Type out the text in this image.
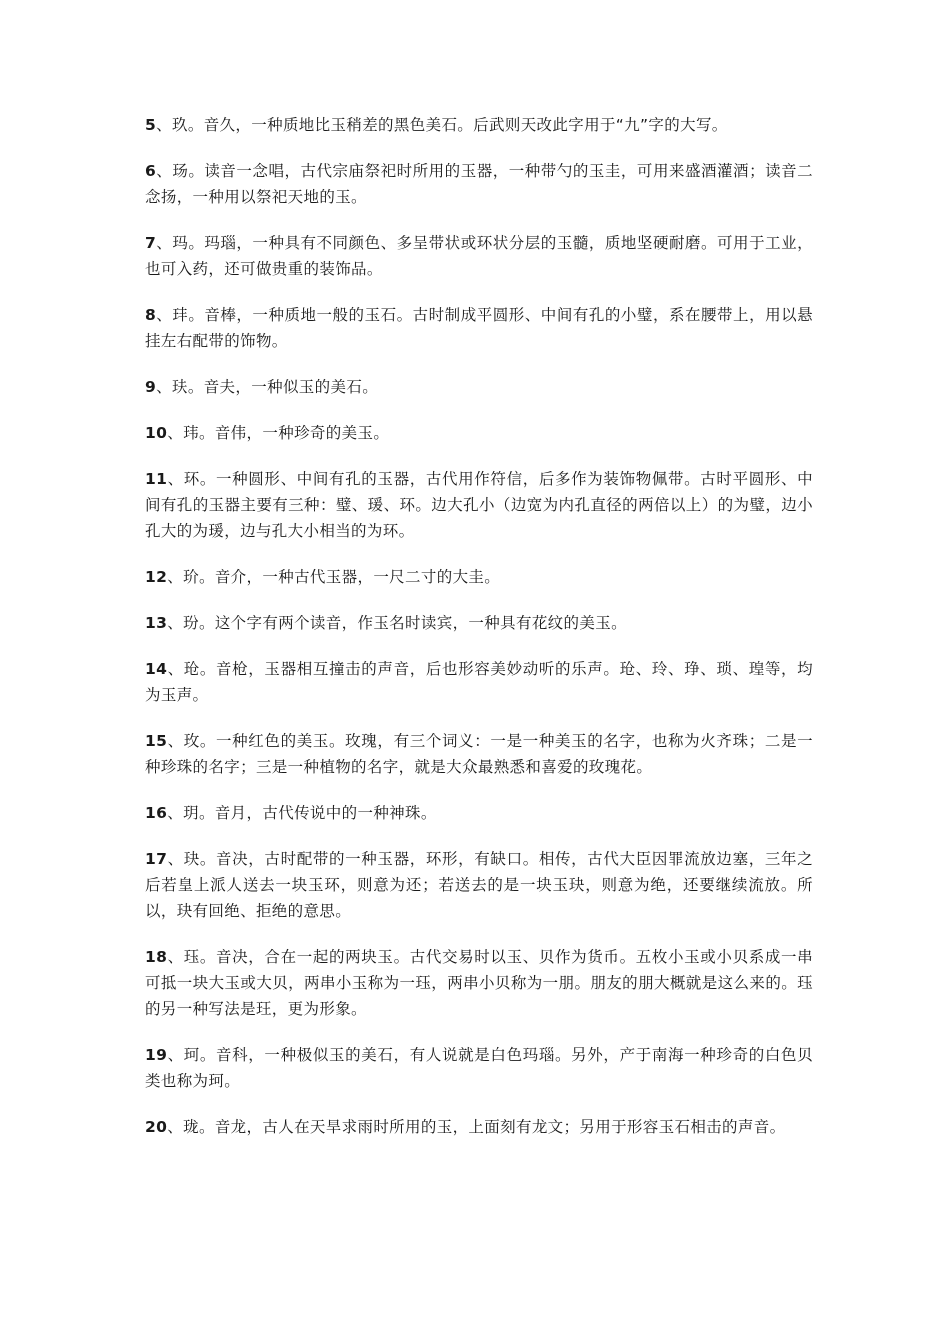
5、玖。音久，一种质地比玉稍差的黑色美石。后武则天改此字用于“九”字的大写。

6、玚。读音一念唱，古代宗庙祭祀时所用的玉器，一种带勺的玉圭，可用来盛酒灌酒；读音二念扬，一种用以祭祀天地的玉。

7、玛。玛瑙，一种具有不同颜色、多呈带状或环状分层的玉髓，质地坚硬耐磨。可用于工业，也可入药，还可做贵重的装饰品。

8、玤。音棒，一种质地一般的玉石。古时制成平圆形、中间有孔的小璧，系在腰带上，用以悬挂左右配带的饰物。

9、玞。音夫，一种似玉的美石。

10、玮。音伟，一种珍奇的美玉。

11、环。一种圆形、中间有孔的玉器，古代用作符信，后多作为装饰物佩带。古时平圆形、中间有孔的玉器主要有三种：璧、瑗、环。边大孔小（边宽为内孔直径的两倍以上）的为璧，边小孔大的为瑗，边与孔大小相当的为环。

12、玠。音介，一种古代玉器，一尺二寸的大圭。

13、玢。这个字有两个读音，作玉名时读宾，一种具有花纹的美玉。

14、玱。音枪，玉器相互撞击的声音，后也形容美妙动听的乐声。玱、玲、琤、琐、瑝等，均为玉声。

15、玫。一种红色的美玉。玫瑰，有三个词义：一是一种美玉的名字，也称为火齐珠；二是一种珍珠的名字；三是一种植物的名字，就是大众最熟悉和喜爱的玫瑰花。

16、玥。音月，古代传说中的一种神珠。

17、玦。音决，古时配带的一种玉器，环形，有缺口。相传，古代大臣因罪流放边塞，三年之后若皇上派人送去一块玉环，则意为还；若送去的是一块玉玦，则意为绝，还要继续流放。所以，玦有回绝、拒绝的意思。

18、珏。音决，合在一起的两块玉。古代交易时以玉、贝作为货币。五枚小玉或小贝系成一串可抵一块大玉或大贝，两串小玉称为一珏，两串小贝称为一朋。朋友的朋大概就是这么来的。珏的另一种写法是玨，更为形象。

19、珂。音科，一种极似玉的美石，有人说就是白色玛瑙。另外，产于南海一种珍奇的白色贝类也称为珂。

20、珑。音龙，古人在天旱求雨时所用的玉，上面刻有龙文；另用于形容玉石相击的声音。
